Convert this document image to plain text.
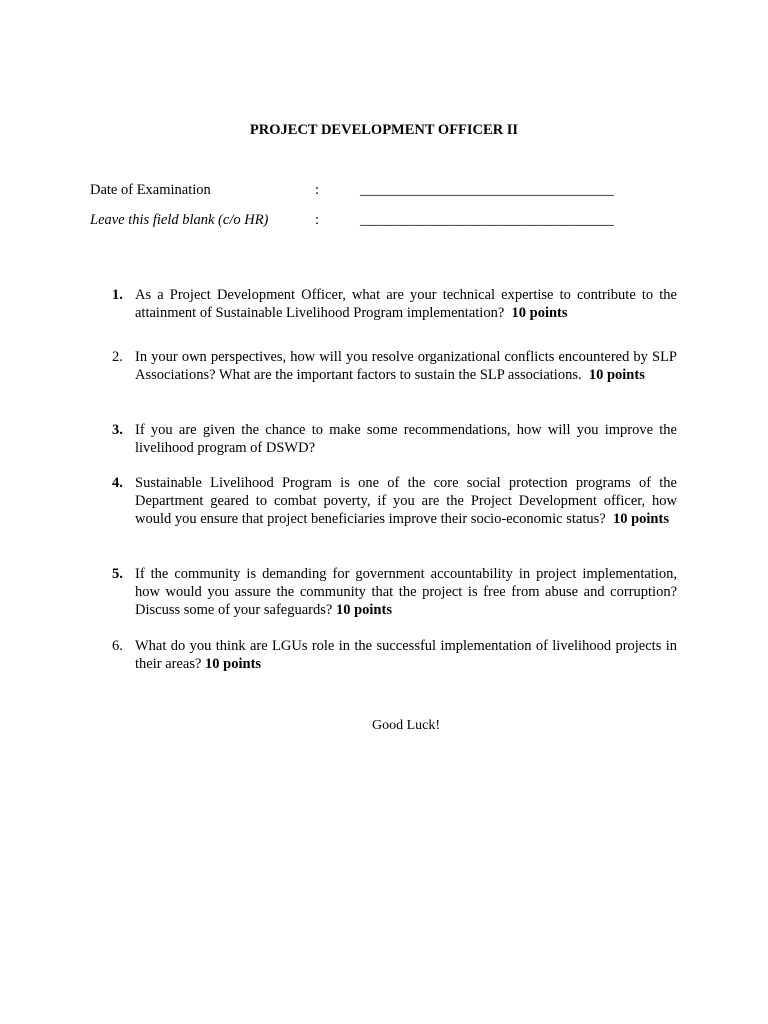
PROJECT DEVELOPMENT OFFICER II
Date of Examination	:	___________________________________
Leave this field blank (c/o HR)	:	___________________________________
1. As a Project Development Officer, what are your technical expertise to contribute to the attainment of Sustainable Livelihood Program implementation? 10 points
2. In your own perspectives, how will you resolve organizational conflicts encountered by SLP Associations? What are the important factors to sustain the SLP associations. 10 points
3. If you are given the chance to make some recommendations, how will you improve the livelihood program of DSWD?
4. Sustainable Livelihood Program is one of the core social protection programs of the Department geared to combat poverty, if you are the Project Development officer, how would you ensure that project beneficiaries improve their socio-economic status? 10 points
5. If the community is demanding for government accountability in project implementation, how would you assure the community that the project is free from abuse and corruption? Discuss some of your safeguards? 10 points
6. What do you think are LGUs role in the successful implementation of livelihood projects in their areas? 10 points
Good Luck!
